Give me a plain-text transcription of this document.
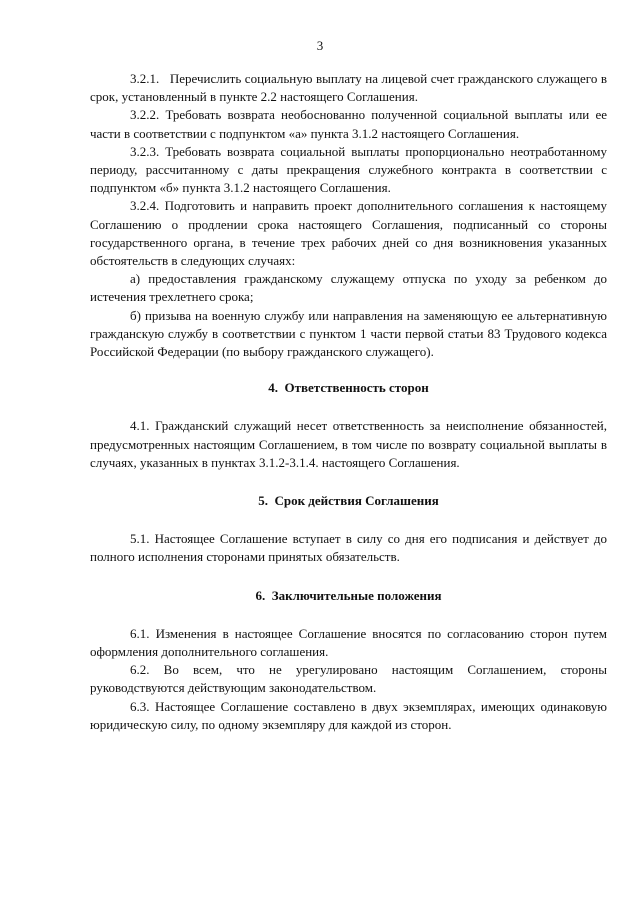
3

3.2.1.   Перечислить социальную выплату на лицевой счет гражданского служащего в срок, установленный в пункте 2.2 настоящего Соглашения.

3.2.2. Требовать возврата необоснованно полученной социальной выплаты или ее части в соответствии с подпунктом «а» пункта 3.1.2 настоящего Соглашения.

3.2.3. Требовать возврата социальной выплаты пропорционально неотработанному периоду, рассчитанному с даты прекращения служебного контракта в соответствии с подпунктом «б» пункта 3.1.2 настоящего Соглашения.

3.2.4. Подготовить и направить проект дополнительного соглашения к настоящему Соглашению о продлении срока настоящего Соглашения, подписанный со стороны государственного органа, в течение трех рабочих дней со дня возникновения указанных обстоятельств в следующих случаях:

а) предоставления гражданскому служащему отпуска по уходу за ребенком до истечения трехлетнего срока;

б) призыва на военную службу или направления на заменяющую ее альтернативную гражданскую службу в соответствии с пунктом 1 части первой статьи 83 Трудового кодекса Российской Федерации (по выбору гражданского служащего).

4.  Ответственность сторон

4.1. Гражданский служащий несет ответственность за неисполнение обязанностей, предусмотренных настоящим Соглашением, в том числе по возврату социальной выплаты в случаях, указанных в пунктах 3.1.2-3.1.4. настоящего Соглашения.

5.  Срок действия Соглашения

5.1. Настоящее Соглашение вступает в силу со дня его подписания и действует до полного исполнения сторонами принятых обязательств.

6.  Заключительные положения

6.1. Изменения в настоящее Соглашение вносятся по согласованию сторон путем оформления дополнительного соглашения.

6.2. Во всем, что не урегулировано настоящим Соглашением, стороны руководствуются действующим законодательством.

6.3. Настоящее Соглашение составлено в двух экземплярах, имеющих одинаковую юридическую силу, по одному экземпляру для каждой из сторон.
